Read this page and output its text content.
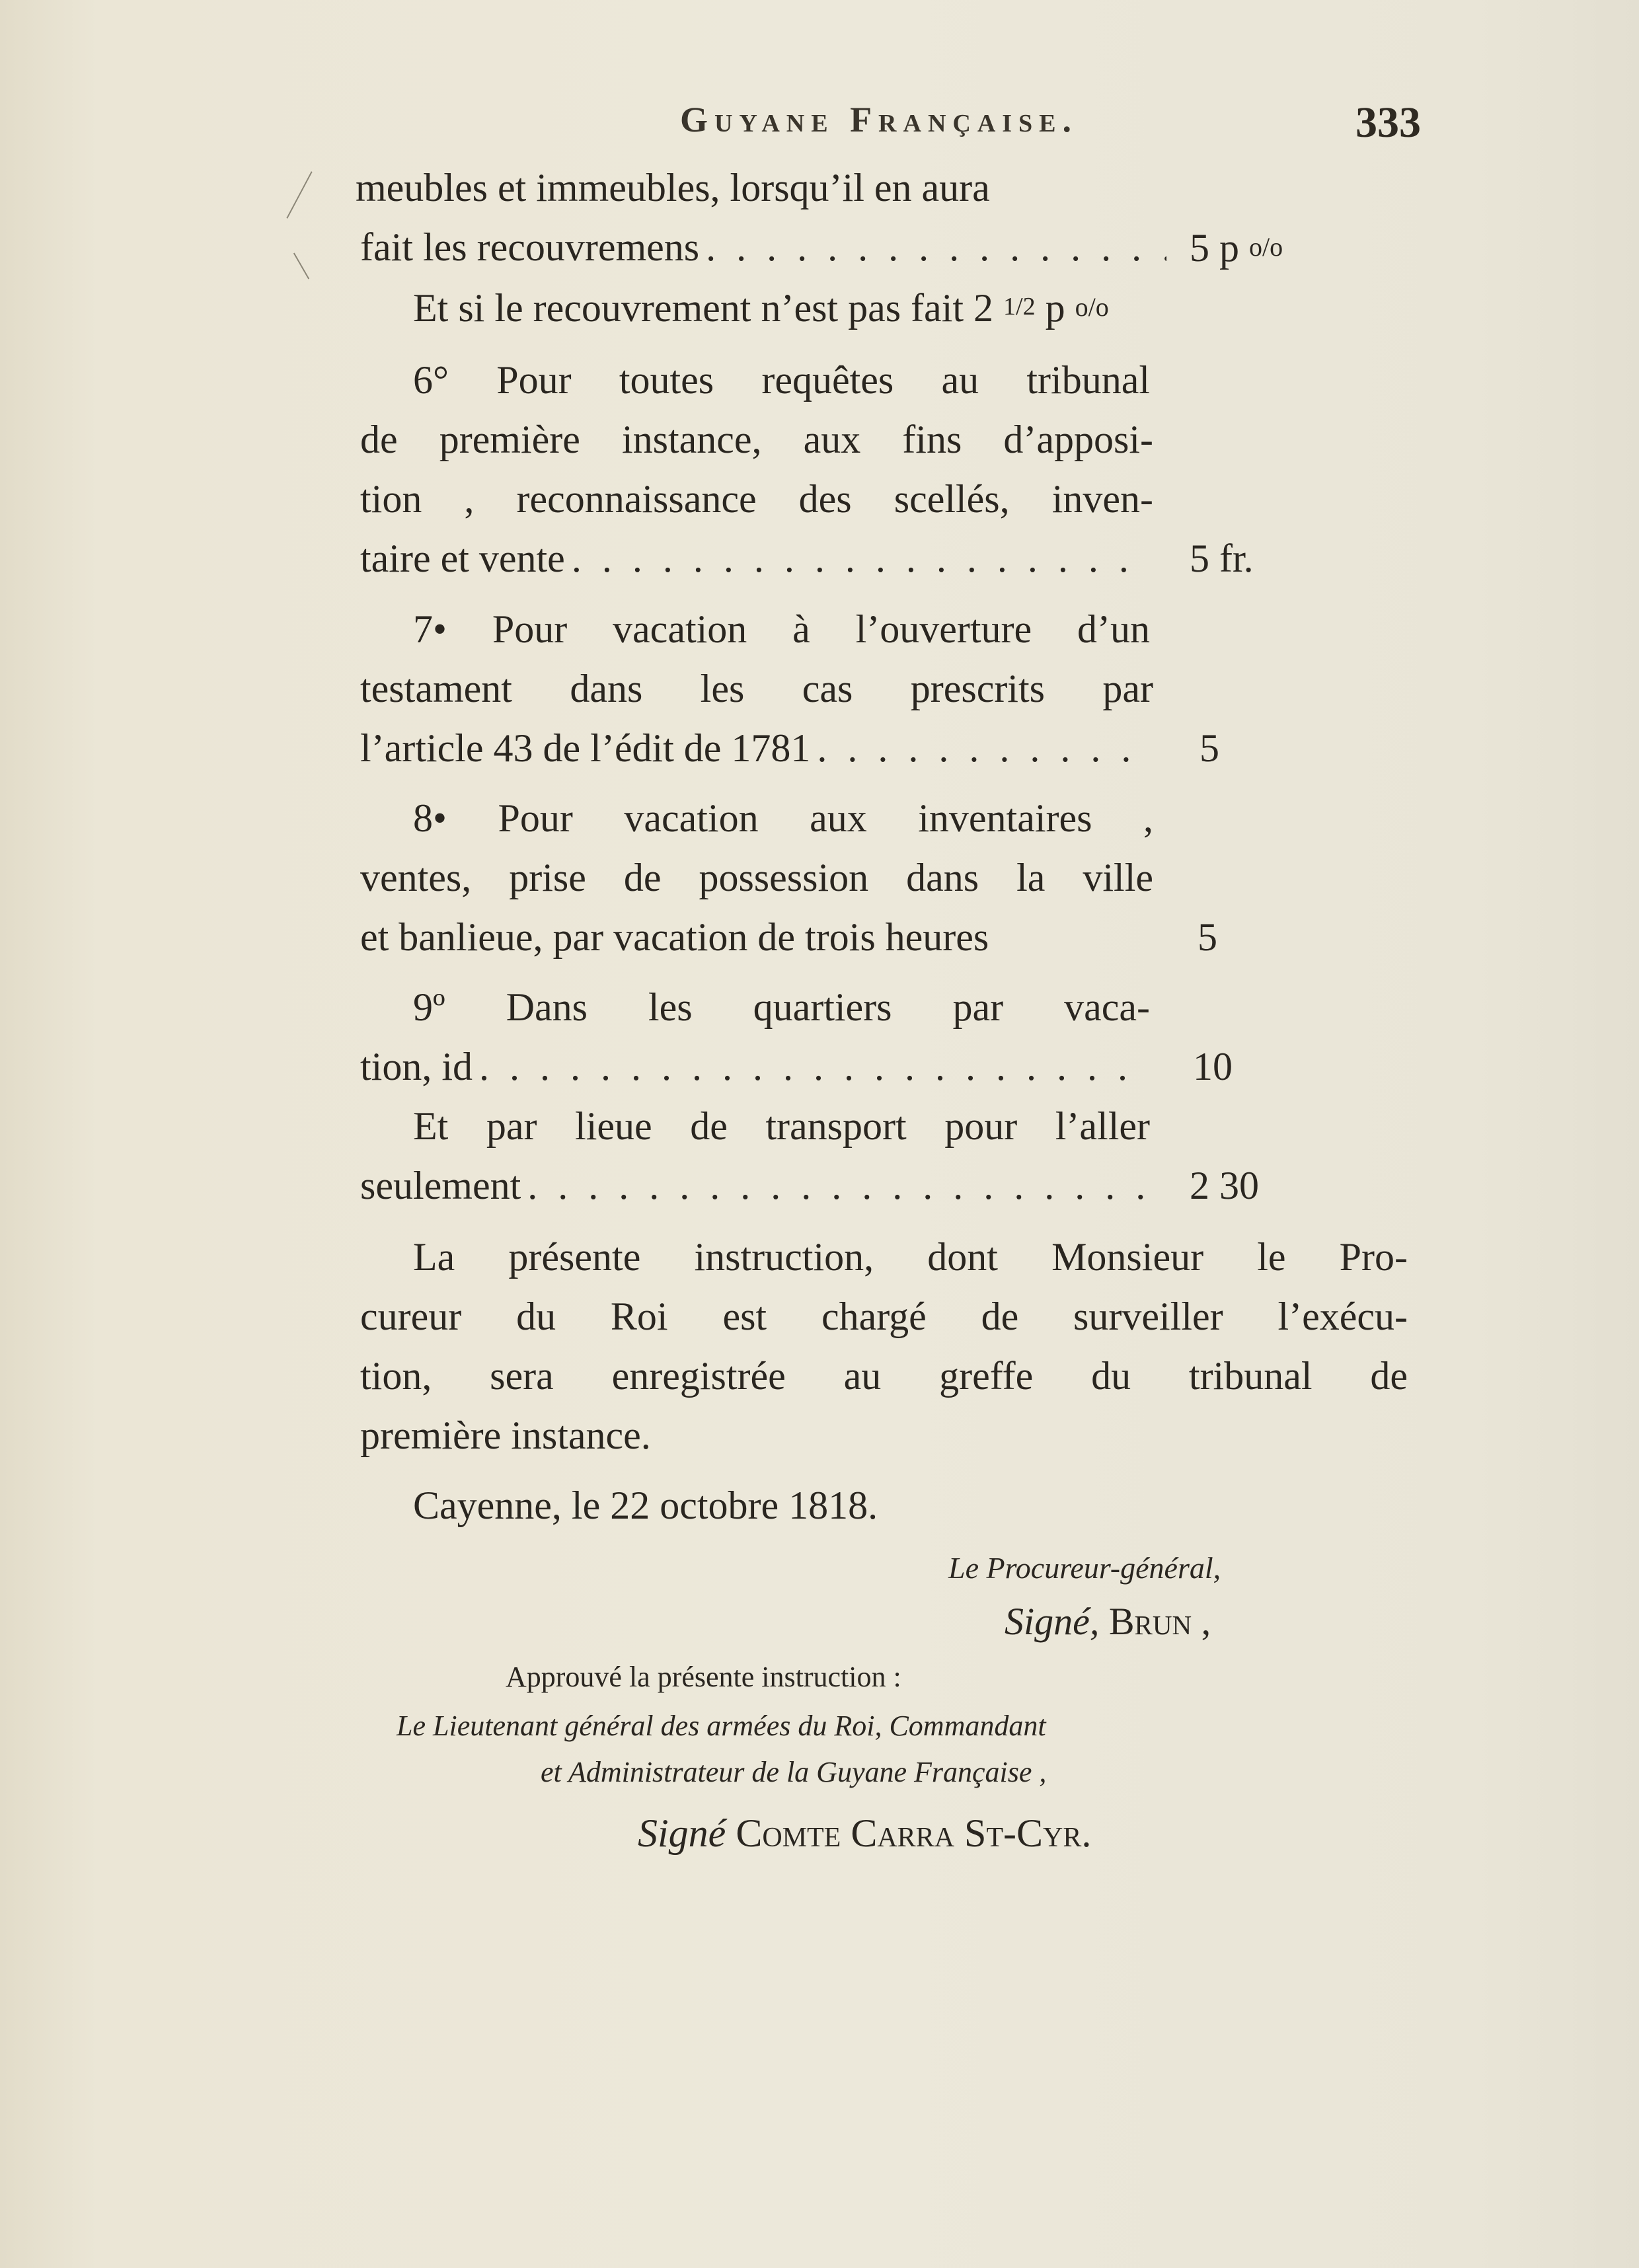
Guyane Française.	333
meubles et immeubles, lorsqu’il en aura
fait les recouvremens . . .	5 p o/o
Et si le recouvrement n’est pas fait 2 1/2 p o/o
6° Pour toutes requêtes au tribunal
de première instance, aux fins d’apposi-
tion , reconnaissance des scellés, inven-
taire et vente . . .	5 fr.
7• Pour vacation à l’ouverture d’un
testament dans les cas prescrits par
l’article 43 de l’édit de 1781 . . .	5
8• Pour vacation aux inventaires ,
ventes, prise de possession dans la ville
et banlieue, par vacation de trois heures	5
9º Dans les quartiers par vaca-
tion, id . . .	10
Et par lieue de transport pour l’aller
seulement . . .	2 30
La présente instruction, dont Monsieur le Pro-
cureur du Roi est chargé de surveiller l’exécu-
tion, sera enregistrée au greffe du tribunal de
première instance.
Cayenne, le 22 octobre 1818.
Le Procureur-général,
Signé, Brun ,
Approuvé la présente instruction :
Le Lieutenant général des armées du Roi, Commandant
et Administrateur de la Guyane Française ,
Signé Comte Carra St-Cyr.
